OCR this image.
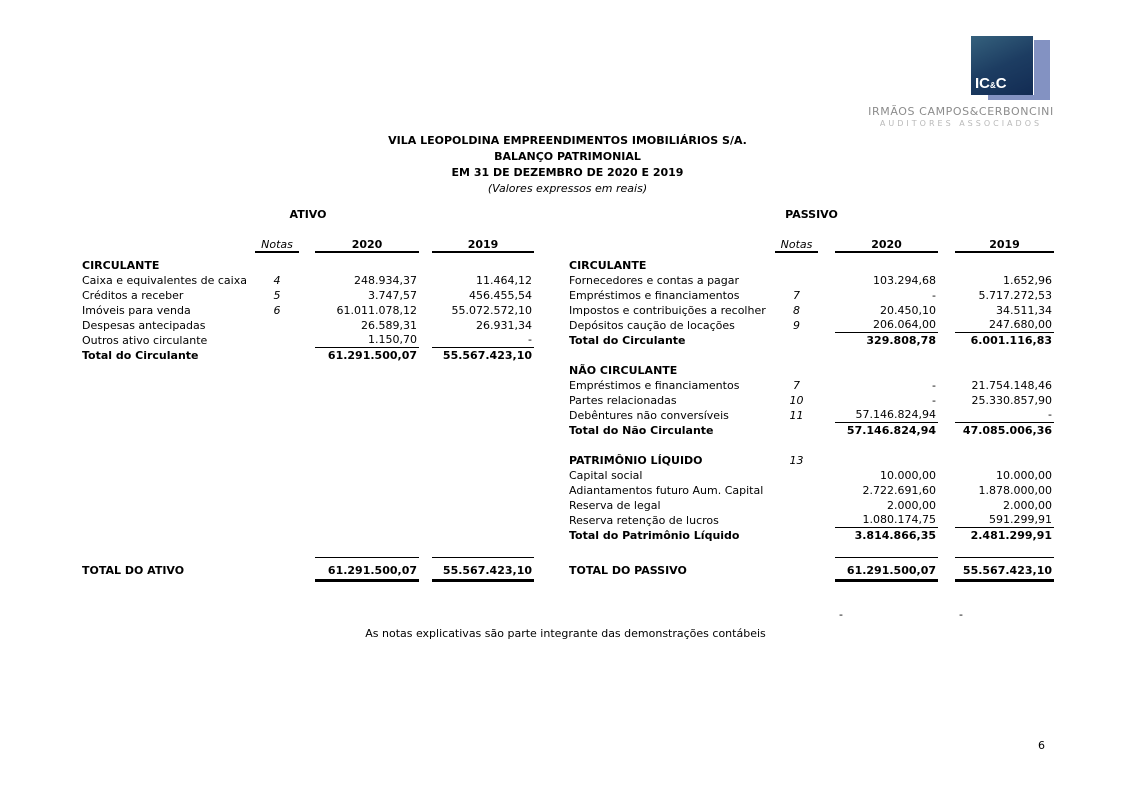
IC&C
IRMÃOS CAMPOS&CERBONCINI
AUDITORES ASSOCIADOS
VILA LEOPOLDINA EMPREENDIMENTOS IMOBILIÁRIOS S/A.
BALANÇO PATRIMONIAL
EM 31 DE DEZEMBRO DE 2020 E 2019
(Valores expressos em reais)
ATIVO
Notas	2020	2019
CIRCULANTE
Caixa e equivalentes de caixa	4	248.934,37	11.464,12
Créditos a receber	5	3.747,57	456.455,54
Imóveis para venda	6	61.011.078,12	55.072.572,10
Despesas antecipadas	26.589,31	26.931,34
Outros ativo circulante	1.150,70	-
Total do Circulante	61.291.500,07	55.567.423,10
PASSIVO
Notas	2020	2019
CIRCULANTE
Fornecedores e contas a pagar	103.294,68	1.652,96
Empréstimos e financiamentos	7	-	5.717.272,53
Impostos e contribuições a recolher	8	20.450,10	34.511,34
Depósitos caução de locações	9	206.064,00	247.680,00
Total do Circulante	329.808,78	6.001.116,83
NÃO CIRCULANTE
Empréstimos e financiamentos	7	-	21.754.148,46
Partes relacionadas	10	-	25.330.857,90
Debêntures não conversíveis	11	57.146.824,94	-
Total do Não Circulante	57.146.824,94	47.085.006,36
PATRIMÔNIO LÍQUIDO	13
Capital social	10.000,00	10.000,00
Adiantamentos futuro Aum. Capital	2.722.691,60	1.878.000,00
Reserva de legal	2.000,00	2.000,00
Reserva retenção de lucros	1.080.174,75	591.299,91
Total do Patrimônio Líquido	3.814.866,35	2.481.299,91
TOTAL DO ATIVO	61.291.500,07	55.567.423,10	TOTAL DO PASSIVO	61.291.500,07	55.567.423,10
-	-
As notas explicativas são parte integrante das demonstrações contábeis
6
